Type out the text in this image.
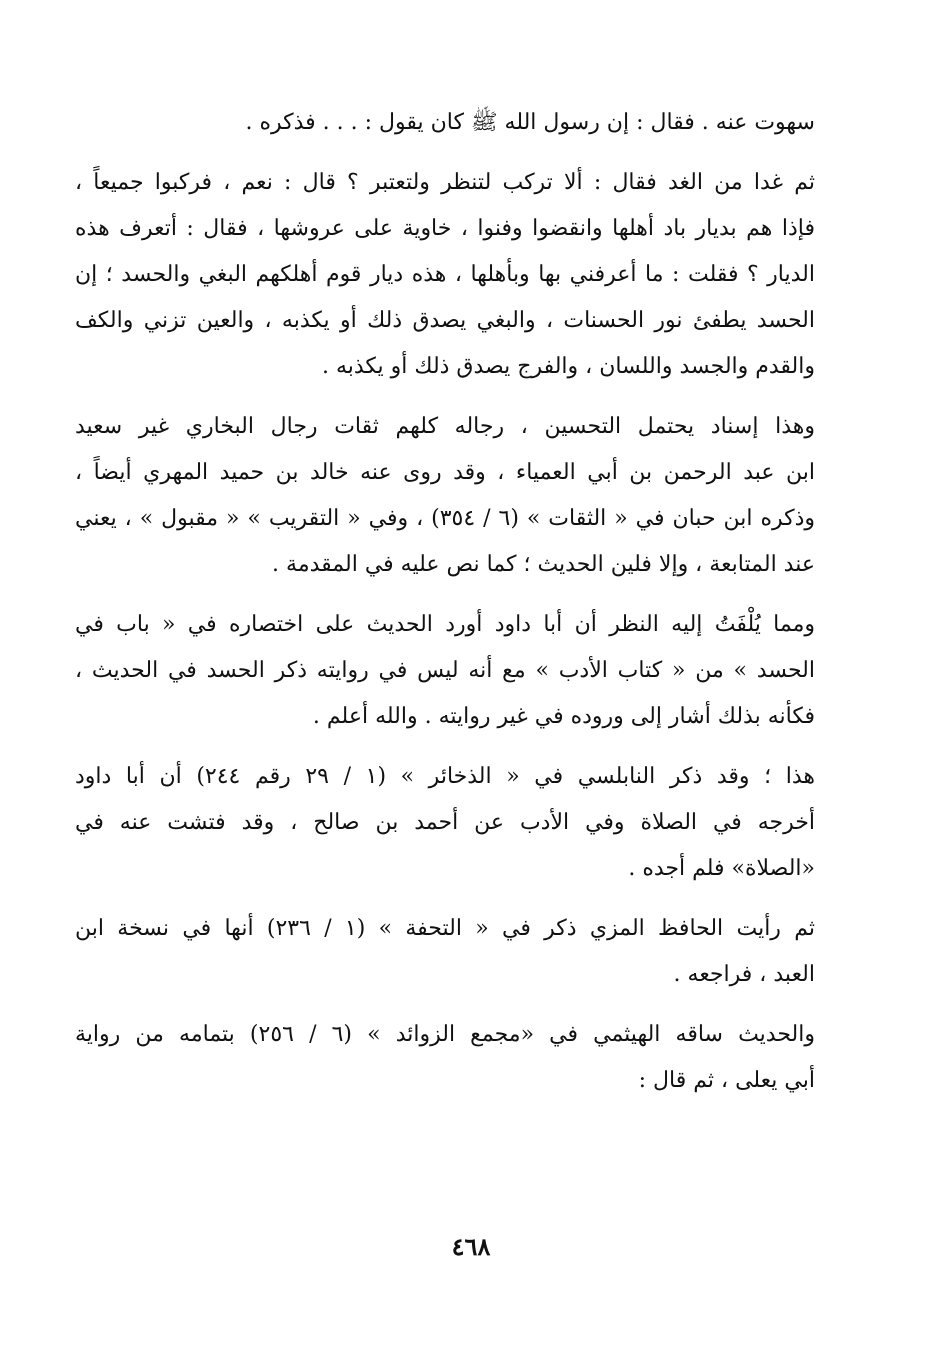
سهوت عنه . فقال : إن رسول الله ﷺ كان يقول : . . . فذكره .
ثم غدا من الغد فقال : ألا تركب لتنظر ولتعتبر ؟ قال : نعم ، فركبوا جميعاً ،
فإذا هم بديار باد أهلها وانقضوا وفنوا ، خاوية على عروشها ، فقال : أتعرف هذه
الديار ؟ فقلت : ما أعرفني بها وبأهلها ، هذه ديار قوم أهلكهم البغي والحسد ؛ إن
الحسد يطفئ نور الحسنات ، والبغي يصدق ذلك أو يكذبه ، والعين تزني والكف
والقدم والجسد واللسان ، والفرج يصدق ذلك أو يكذبه .
وهذا إسناد يحتمل التحسين ، رجاله كلهم ثقات رجال البخاري غير سعيد
ابن عبد الرحمن بن أبي العمياء ، وقد روى عنه خالد بن حميد المهري أيضاً ،
وذكره ابن حبان في « الثقات » (٦ / ٣٥٤) ، وفي « التقريب » « مقبول » ، يعني
عند المتابعة ، وإلا فلين الحديث ؛ كما نص عليه في المقدمة .
ومما يُلْفَتُ إليه النظر أن أبا داود أورد الحديث على اختصاره في « باب في
الحسد » من « كتاب الأدب » مع أنه ليس في روايته ذكر الحسد في الحديث ،
فكأنه بذلك أشار إلى وروده في غير روايته . والله أعلم .
هذا ؛ وقد ذكر النابلسي في « الذخائر » (١ / ٢٩ رقم ٢٤٤) أن أبا داود
أخرجه في الصلاة وفي الأدب عن أحمد بن صالح ، وقد فتشت عنه في
«الصلاة» فلم أجده .
ثم رأيت الحافظ المزي ذكر في « التحفة » (١ / ٢٣٦) أنها في نسخة ابن
العبد ، فراجعه .
والحديث ساقه الهيثمي في «مجمع الزوائد » (٦ / ٢٥٦) بتمامه من رواية
أبي يعلى ، ثم قال :
٤٦٨
